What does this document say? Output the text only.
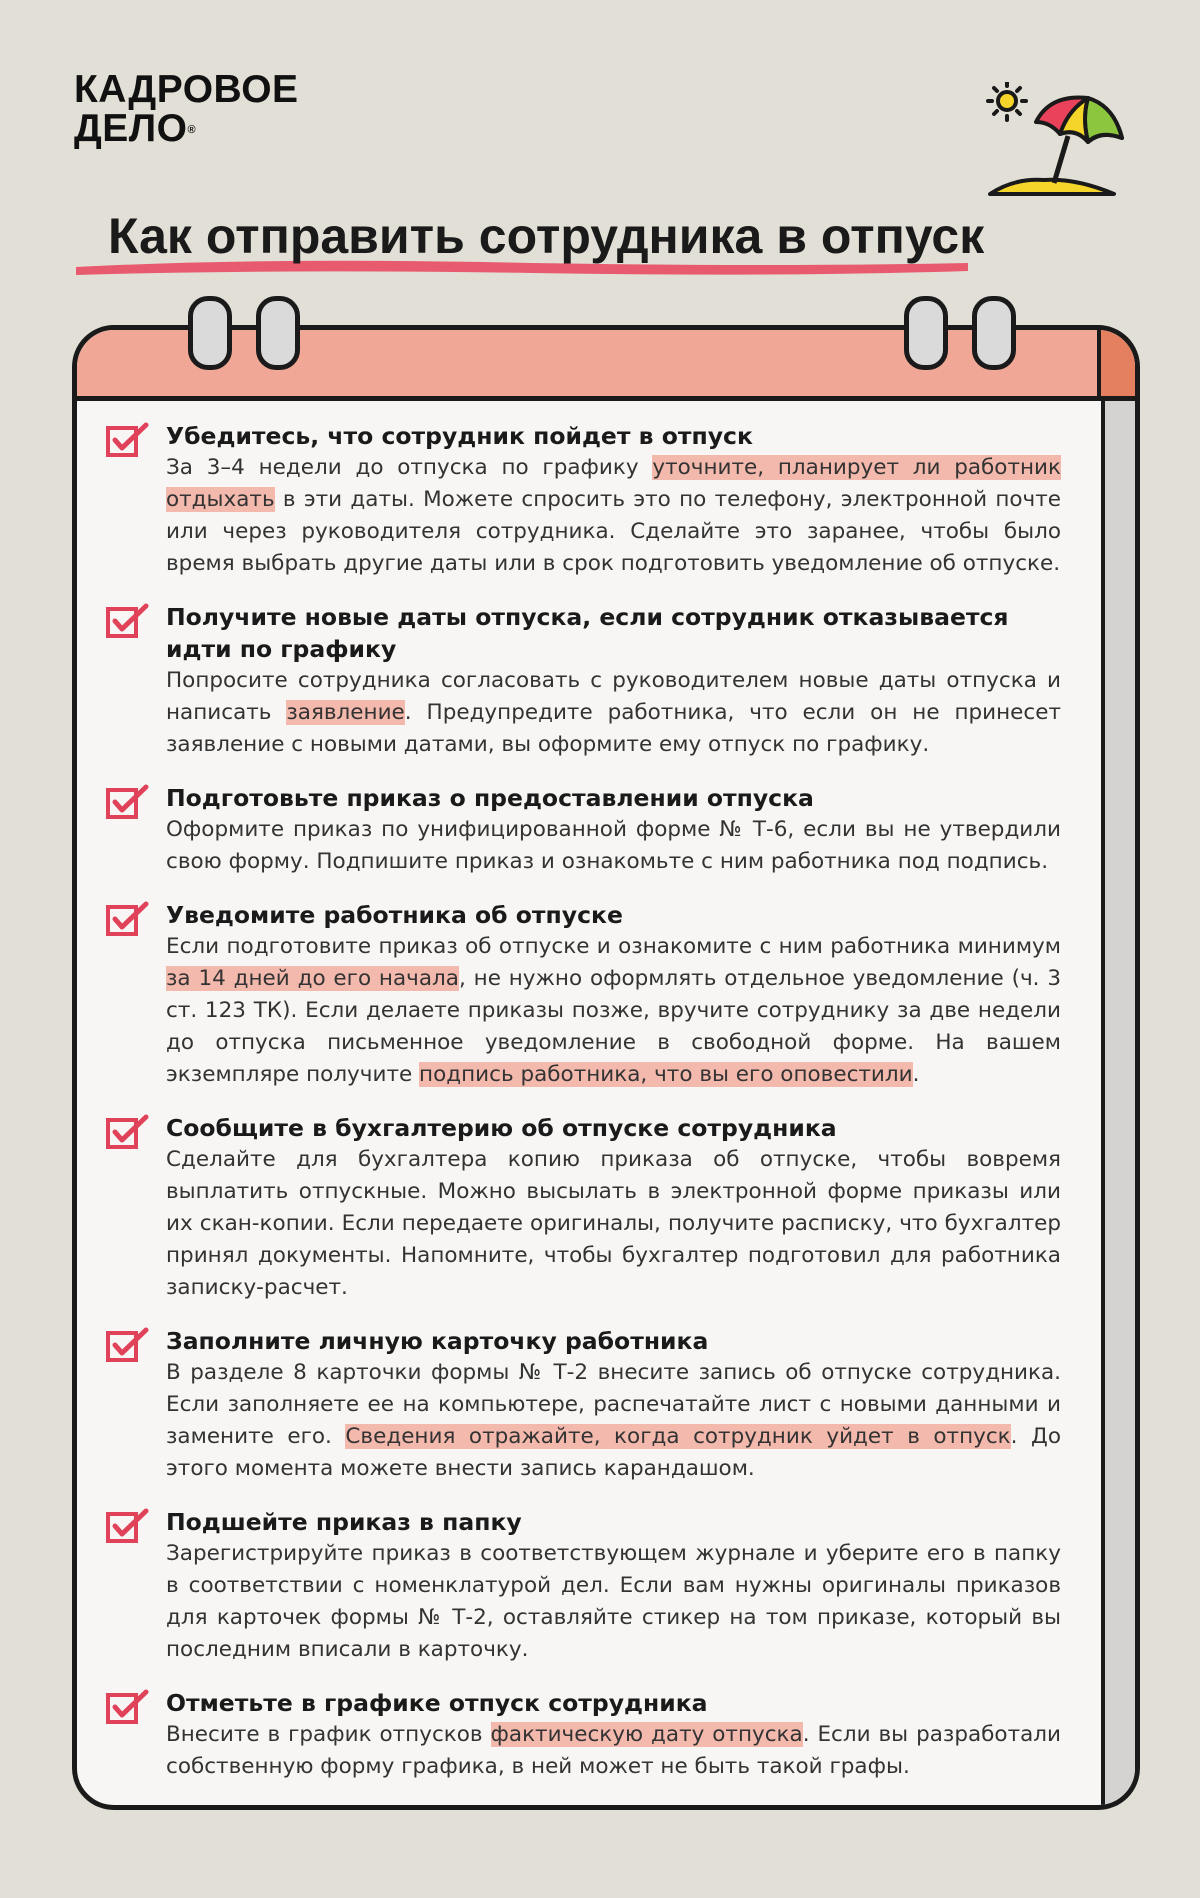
КАДРОВОЕ
ДЕЛО®
Как отправить сотрудника в отпуск
Убедитесь, что сотрудник пойдет в отпуск

За 3–4 недели до отпуска по графику уточните, планирует ли работник отдыхать в эти даты. Можете спросить это по телефону, электронной почте или через руководителя сотрудника. Сделайте это заранее, чтобы было время выбрать другие даты или в срок подготовить уведомление об отпуске.

Получите новые даты отпуска, если сотрудник отказывается идти по графику

Попросите сотрудника согласовать с руководителем новые даты отпуска и написать заявление. Предупредите работника, что если он не принесет заявление с новыми датами, вы оформите ему отпуск по графику.

Подготовьте приказ о предоставлении отпуска

Оформите приказ по унифицированной форме № Т-6, если вы не утвердили свою форму. Подпишите приказ и ознакомьте с ним работника под подпись.

Уведомите работника об отпуске

Если подготовите приказ об отпуске и ознакомите с ним работника минимум за 14 дней до его начала, не нужно оформлять отдельное уведомление (ч. 3 ст. 123 ТК). Если делаете приказы позже, вручите сотруднику за две недели до отпуска письменное уведомление в свободной форме. На вашем экземпляре получите подпись работника, что вы его оповестили.

Сообщите в бухгалтерию об отпуске сотрудника

Сделайте для бухгалтера копию приказа об отпуске, чтобы вовремя выплатить отпускные. Можно высылать в электронной форме приказы или их скан-копии. Если передаете оригиналы, получите расписку, что бухгалтер принял документы. Напомните, чтобы бухгалтер подготовил для работника записку-расчет.

Заполните личную карточку работника

В разделе 8 карточки формы № Т-2 внесите запись об отпуске сотрудника. Если заполняете ее на компьютере, распечатайте лист с новыми данными и замените его. Сведения отражайте, когда сотрудник уйдет в отпуск. До этого момента можете внести запись карандашом.

Подшейте приказ в папку

Зарегистрируйте приказ в соответствующем журнале и уберите его в папку в соответствии с номенклатурой дел. Если вам нужны оригиналы приказов для карточек формы № Т-2, оставляйте стикер на том приказе, который вы последним вписали в карточку.

Отметьте в графике отпуск сотрудника

Внесите в график отпусков фактическую дату отпуска. Если вы разработали собственную форму графика, в ней может не быть такой графы.
